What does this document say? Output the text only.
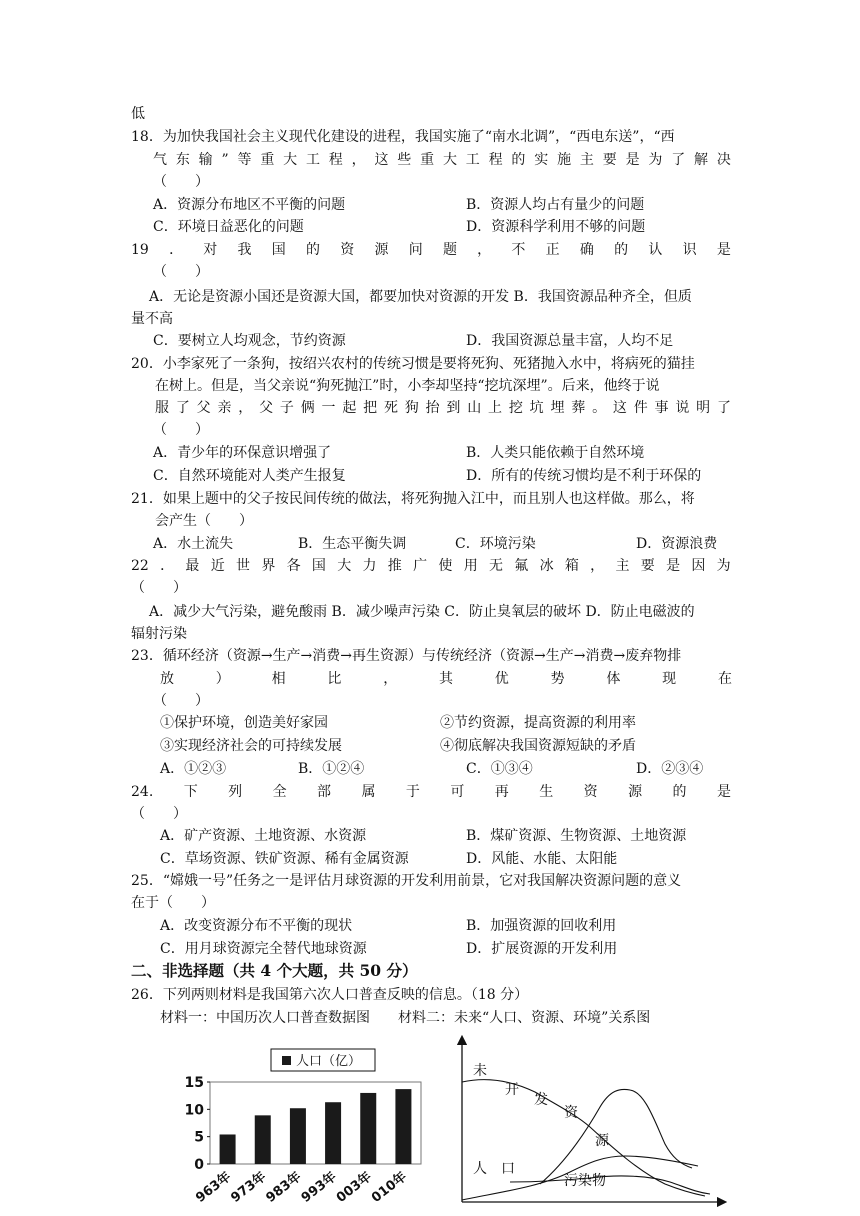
低
18．为加快我国社会主义现代化建设的进程，我国实施了“南水北调”，“西电东送”，“西
气 东 输 ” 等 重 大 工 程 ， 这 些 重 大 工 程 的 实 施 主 要 是 为 了 解 决
（　　）
A．资源分布地区不平衡的问题	B．资源人均占有量少的问题
C．环境日益恶化的问题	D．资源科学利用不够的问题
19 ． 对 我 国 的 资 源 问 题 ， 不 正 确 的 认 识 是
（　　）
A．无论是资源小国还是资源大国，都要加快对资源的开发 B．我国资源品种齐全，但质
量不高
C．要树立人均观念，节约资源	D．我国资源总量丰富，人均不足
20．小李家死了一条狗，按绍兴农村的传统习惯是要将死狗、死猪抛入水中，将病死的猫挂
在树上。但是，当父亲说“狗死抛江”时，小李却坚持“挖坑深埋”。后来，他终于说
服 了 父 亲 ， 父 子 俩 一 起 把 死 狗 抬 到 山 上 挖 坑 埋 葬 。 这 件 事 说 明 了
（　　）
A．青少年的环保意识增强了	B．人类只能依赖于自然环境
C．自然环境能对人类产生报复	D．所有的传统习惯均是不利于环保的
21．如果上题中的父子按民间传统的做法，将死狗抛入江中，而且别人也这样做。那么，将
会产生（　　）
A．水土流失	B．生态平衡失调	C．环境污染	D．资源浪费
22 ． 最 近 世 界 各 国 大 力 推 广 使 用 无 氟 冰 箱 ， 主 要 是 因 为
（　　）
A．减少大气污染，避免酸雨 B．减少噪声污染 C．防止臭氧层的破坏 D．防止电磁波的
辐射污染
23．循环经济（资源→生产→消费→再生资源）与传统经济（资源→生产→消费→废弃物排
放	）	相	比	，	其	优	势	体	现	在
（　　）
①保护环境，创造美好家园	②节约资源，提高资源的利用率
③实现经济社会的可持续发展	④彻底解决我国资源短缺的矛盾
A．①②③	B．①②④	C．①③④	D．②③④
24. 下 列 全 部 属 于 可 再 生 资 源 的 是
（　　）
A．矿产资源、土地资源、水资源	B．煤矿资源、生物资源、土地资源
C．草场资源、铁矿资源、稀有金属资源	D．风能、水能、太阳能
25．“嫦娥一号”任务之一是评估月球资源的开发利用前景，它对我国解决资源问题的意义
在于（　　）
A．改变资源分布不平衡的现状	B．加强资源的回收利用
C．用月球资源完全替代地球资源	D．扩展资源的开发利用
二、非选择题（共 4 个大题，共 50 分）
26．下列两则材料是我国第六次人口普查反映的信息。（18 分）
材料一：中国历次人口普查数据图　　材料二：未来“人口、资源、环境”关系图
人口（亿）
0
5
10
15
963年
973年
983年
993年
003年
010年
未
开
发
资
源
人　口
污染物
